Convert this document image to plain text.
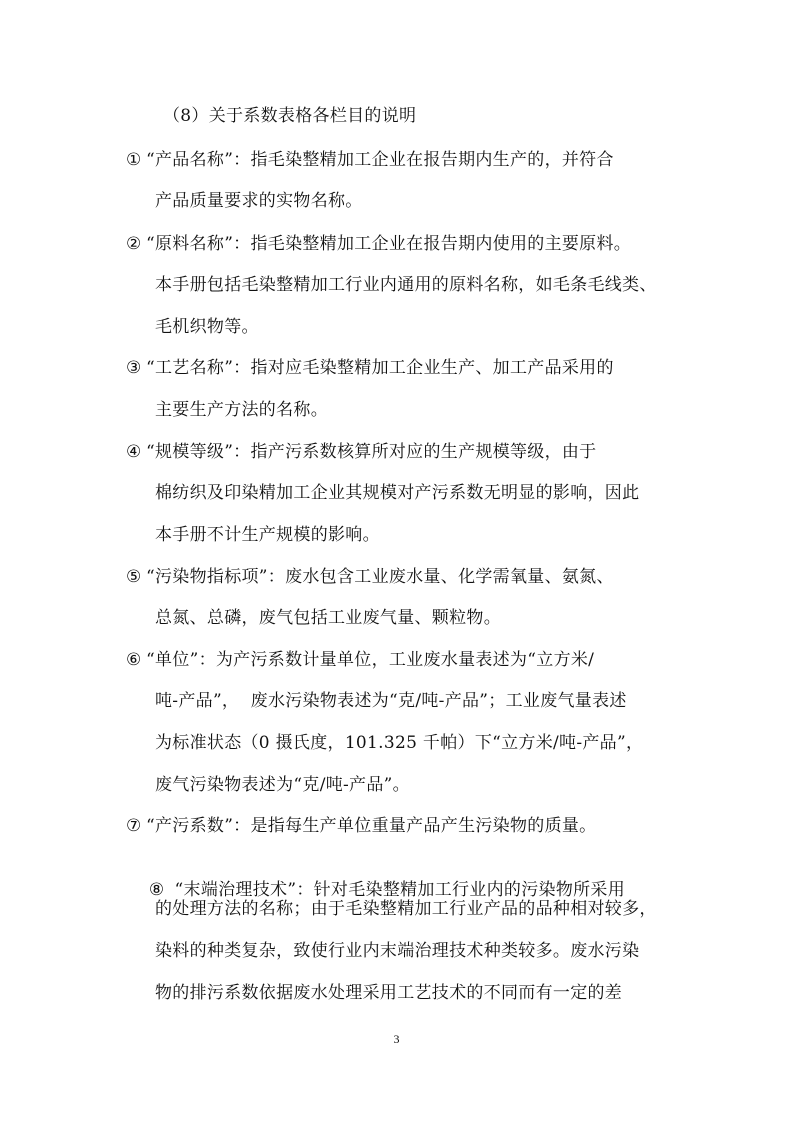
（8）关于系数表格各栏目的说明
① “产品名称”：指毛染整精加工企业在报告期内生产的，并符合
产品质量要求的实物名称。
② “原料名称”：指毛染整精加工企业在报告期内使用的主要原料。
本手册包括毛染整精加工行业内通用的原料名称，如毛条毛线类、
毛机织物等。
③ “工艺名称”：指对应毛染整精加工企业生产、加工产品采用的
主要生产方法的名称。
④ “规模等级”：指产污系数核算所对应的生产规模等级，由于
棉纺织及印染精加工企业其规模对产污系数无明显的影响，因此
本手册不计生产规模的影响。
⑤ “污染物指标项”：废水包含工业废水量、化学需氧量、氨氮、
总氮、总磷，废气包括工业废气量、颗粒物。
⑥ “单位”：为产污系数计量单位，工业废水量表述为“立方米/
吨-产品”，  废水污染物表述为“克/吨-产品”；工业废气量表述
为标准状态（0 摄氏度，101.325 千帕）下“立方米/吨-产品”，
废气污染物表述为“克/吨-产品”。
⑦ “产污系数”：是指每生产单位重量产品产生污染物的质量。

⑧ “末端治理技术”：针对毛染整精加工行业内的污染物所采用

的处理方法的名称；由于毛染整精加工行业产品的品种相对较多，
染料的种类复杂，致使行业内末端治理技术种类较多。废水污染
物的排污系数依据废水处理采用工艺技术的不同而有一定的差
3
